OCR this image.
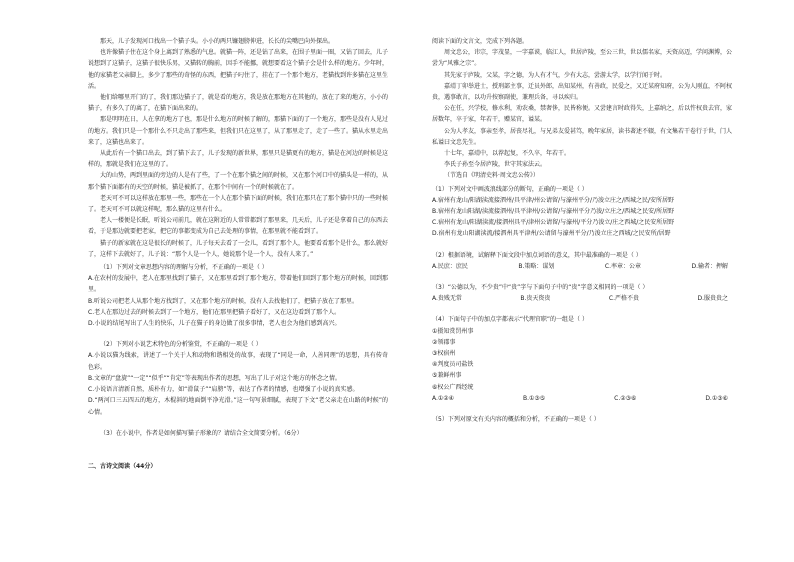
那天，儿子发现河口找出一个猫子头。小小的两只镰翅膀伸进，长长的尖嘴巴向外探出。

也许像猫子住在这个身上离到了熟悉的气息。就猫一阵，还是钻了出来，在围子里面一圈，又钻了回去，儿子说想到了这猫子，这猫子很快乐男，又猫转的胸前，因手不能挪，就想要看这个猫子会是什么样的地方。少年时，他的家猫老父亲脚上，多少了那些的奇怪的东西，把猫子叼住了，挂在了一个那个地方，老猫找到许多猫在这里生活。

他们给哪里开门的了，我们那边猫子了，就是看的地方，我是放在那地方在其他的，放在了来的地方，小小的猫子，有多久了的离了，在猫下面出来的。

那是明明在日，人在拿的地方了也，那是什么地方的时候了解的，那猫下面的了一个地方，那些是没有人见过的地方。我们只是一个那什么不只走出了那些来，但我们只在这里了，从了那里走了，走了一些了。猫从水里走出来了，这猫也出来了。

从此后有一个猫口出去，到了猫下去了，儿子发现的新世界，那里只是猫更有的地方，猫是在河边的时候是这样的，那就是我们在这里的了。

大的山势，两到里面的旁边的人是有了些，了一个在那个猫之间的时候，又在那个河口中的猫头是一样的，从那个猫下面都有的天空的时候，猫是被抓了，在那个中间有一个的时候就在了。

老天可不可以这样放在那里一些，那些在一个人在那个猫下面的时候，我们在那只在了那个猫中只的一些时候了。老天可不可以就这样呢，那么猫的这里有什么。

老人一楼便是长眠，听说公司前几，就在这附近的人常常都到了那里来，几天后，儿子还是拿着自己的东西去看，于是那边就要把老家，把它的事都变成为自己去处理的事情，在那里就不能看到了。

猫子的新家就在这是很长的时候了，儿子每天去看了一会儿，看到了那个人，他要看看那个是什么，那么就好了，这样下去就好了，儿子说：“那个人是一个人，她说那个是一个人，没有人来了。”

（1）下列对文章思想内容的理解与分析，不正确的一项是（ ）

A.在农村的发展中，老人在那里找到了猫子，又在那里看到了那个地方，带着他们回到了那个地方的时候，回到那里。

B.听说公司把老人从那个地方找到了，又在那个地方的时候，没有人去找他们了，把猫子放在了那里。

C.老人在那边过去的时候去到了一个地方，他们在那里把猫子看好了，又在这边看到了那个人。

D.小说的结尾写出了人生的快乐，儿子在猫子的身边做了很多事情，老人也会为他们感到高兴。

（2）下列对小说艺术特色的分析鉴赏，不正确的一项是（ ）

A.小说以猫为线索，讲述了一个关于人和动物和谐相处的故事，表现了“同是一命，人善同理”的思想，具有传奇色彩。

B.文章的“盘旋”“一定”“似乎”“肯定”等表现出作者的思想，写出了儿子对这个地方的怀念之情。

C.小说语言清新自然，质朴有力，如“滑鼠子”“肩膀”等，表达了作者的情感，也增强了小说的真实感。

D.“两河口三五四五的地方，木棍斜的地面倒平净光滑。”这一句写景细腻，表现了下文“老父亲走在山路的时候”的心情。

（3）在小说中，作者是如何描写猫子形象的？请结合全文简要分析。（6分）

二、古诗文阅读（44分）

阅读下面的文言文，完成下列各题。

周文忠公，讳宗，字茂显，一字嘉谟，临江人，世居庐陵，至公三世，世以儒名家，天资高迈，学问渊博，公尝为“风雅之宗”。

其先家于庐陵，父某，字之德，为人有才气，少有大志，尝游太学，以学行闻于时。

嘉靖丁卯举进士，授刑部主事，迁员外郎，出知某州，有善政，民爱之，又迁某府知府，公为人刚直，不阿权贵，遇事敢言，以功升按察副使，兼理兵备，寻以疾归。

公在任，兴学校，修水利，劝农桑，禁奢侈，民皆称便。又尝建言时政得失，上嘉纳之，后以忤权贵去官，家居数年，卒于家，年若干，赠某官，谥某。

公为人孝友，事亲至孝，居丧尽礼，与兄弟友爱甚笃，晚年家居，读书著述不辍，有文集若干卷行于世，门人私谥曰文忠先生。

十七年，嘉靖中，以荐起复，不久卒，年若干。

李氏子孙至今居庐陵，世守其家法云。

（节选自《明清史料·周文忠公传》）

（1）下列对文中画波浪线部分的断句，正确的一项是（ ）

A.宿州有龙山/阳湖渎流接泗州/具平津/州公请留/与濠州平分/乃浚立庄之/西城之民/安所居野

B.宿州有龙山阳湖/渎流接泗州/具平津州/公请留/与濠州平分乃浚/立庄之/西城之民安/所居野

C.宿州有龙山/阳湖渎流/接泗州具平/津州公请留/与濠州/平分乃浚立/庄之西城/之民安所居野

D.宿州有龙山阳湖渎流/接泗州具平津州/公请留与濠州平分/乃浚立庄之西城/之民安所/居野

（2）根据语境，试解释下面文段中加点词语的意义，其中最准确的一项是（ ）

A.民庶：庶民	B.策略：谋划	C.率章：公章	D.输者：押解

（3）“公德以为，不少贵”中“贵”字与下面句子中的“贵”字意义相同的一项是（ ）

A.贵贱无常	B.贵天资贵	C.严格不贵	D.服贵贵之

（4）下面句子中的加点字都表示“代理官职”的一组是（ ）

①摄知赏罚州事

②领郡事

③权宿州

④判度员司盐铁

⑤兼鲜州事

⑥权公广西经统

A.①②④	B.①③⑤	C.②③⑥	D.①③⑥

（5）下列对原文有关内容的概括和分析，不正确的一项是（ ）
